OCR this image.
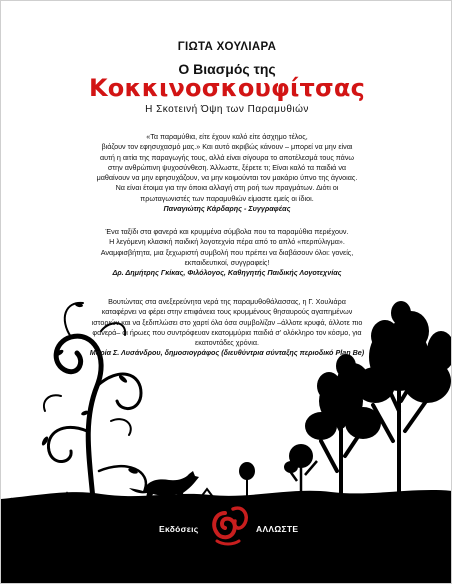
ΓΙΩΤΑ ΧΟΥΛΙΑΡΑ
Ο Βιασμός της
Κοκκινοσκουφίτσας
Η Σκοτεινή Όψη των Παραμυθιών
«Τα παραμύθια, είτε έχουν καλό είτε άσχημο τέλος,
βιάζουν τον εφησυχασμό μας.» Και αυτό ακριβώς κάνουν – μπορεί να μην είναι
αυτή η αιτία της παραγωγής τους, αλλά είναι σίγουρα το αποτέλεσμά τους πάνω
στην ανθρώπινη ψυχοσύνθεση. Άλλωστε, ξέρετε τι; Είναι καλό τα παιδιά να
μαθαίνουν να μην εφησυχάζουν, να μην κοιμούνται τον μακάριο ύπνο της άγνοιας.
Να είναι έτοιμα για την όποια αλλαγή στη ροή των πραγμάτων. Διότι οι
πρωταγωνιστές των παραμυθιών είμαστε εμείς οι ίδιοι.
Παναγιώτης Κάρδαρης - Συγγραφέας
Ένα ταξίδι στα φανερά και κρυμμένα σύμβολα που τα παραμύθια περιέχουν.
Η λεγόμενη κλασική παιδική λογοτεχνία πέρα από το απλό «περιτύλιγμα».
Αναμφισβήτητα, μια ξεχωριστή συμβολή που πρέπει να διαβάσουν όλοι: γονείς,
εκπαιδευτικοί, συγγραφείς!
Δρ. Δημήτρης Γκίκας, Φιλόλογος, Καθηγητής Παιδικής Λογοτεχνίας
Βουτώντας στα ανεξερεύνητα νερά της παραμυθοθάλασσας, η Γ. Χουλιάρα
καταφέρνει να φέρει στην επιφάνεια τους κρυμμένους θησαυρούς αγαπημένων
ιστοριών και να ξεδιπλώσει στο χαρτί όλα όσα συμβολίζαν –άλλοτε κρυφά, άλλοτε πιο
φανερά– οι ήρωες που συντρόφευαν εκατομμύρια παιδιά σ' ολόκληρο τον κόσμο, για
εκατοντάδες χρόνια.
Μαρία Σ. Λυσάνδρου, δημοσιογράφος (διευθύντρια σύνταξης περιοδικό Plan Be)
Εκδόσεις	ΑΛΛΩΣΤΕ
